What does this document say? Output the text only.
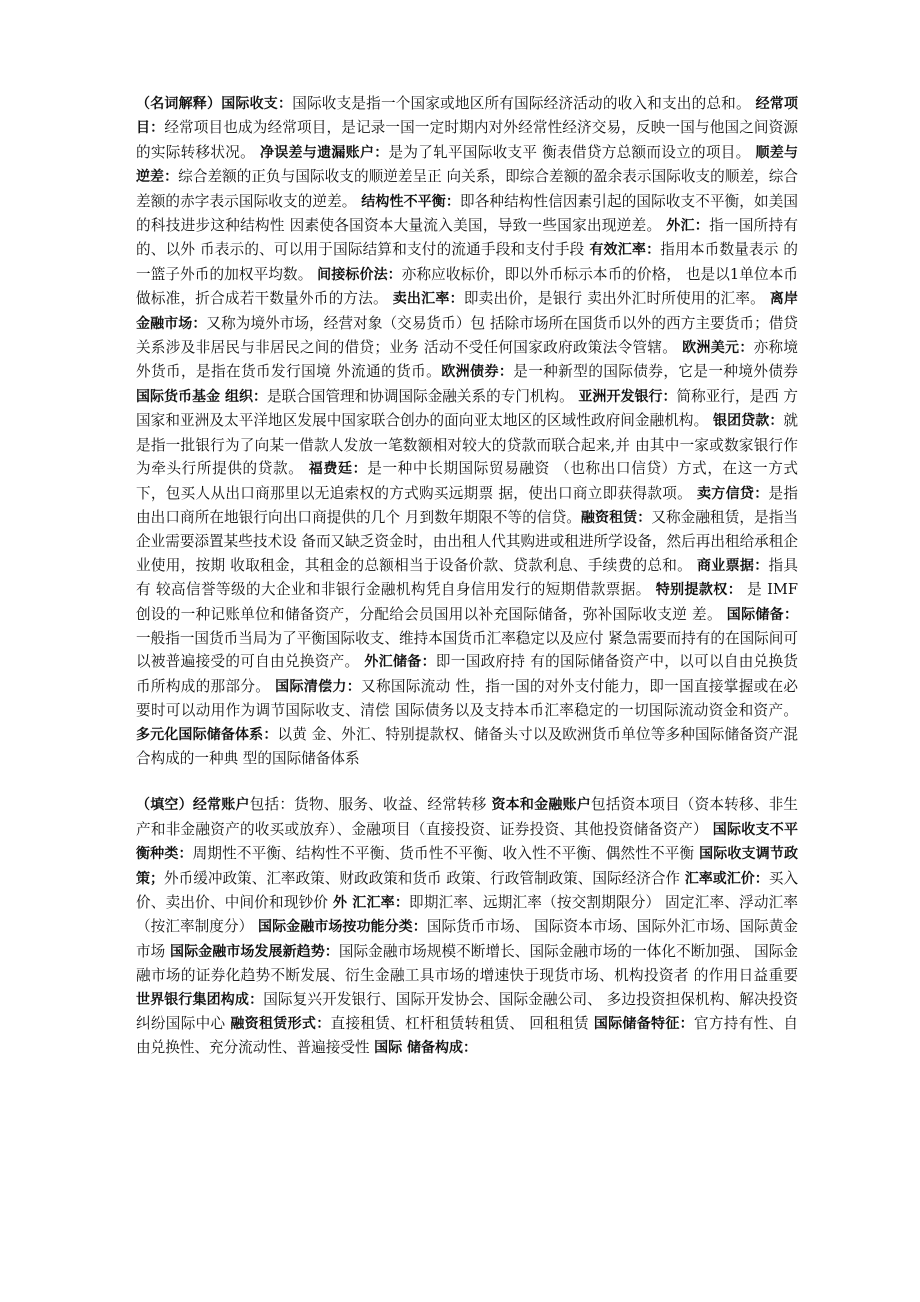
（名词解释）国际收支：国际收支是指一个国家或地区所有国际经济活动的收入和支出的总和。 经常项目：经常项目也成为经常项目，是记录一国一定时期内对外经常性经济交易，反映一国与他国之间资源的实际转移状况。 净误差与遗漏账户：是为了轧平国际收支平 衡表借贷方总额而设立的项目。 顺差与逆差：综合差额的正负与国际收支的顺逆差呈正 向关系，即综合差额的盈余表示国际收支的顺差，综合差额的赤字表示国际收支的逆差。 结构性不平衡：即各种结构性信因素引起的国际收支不平衡，如美国的科技进步这种结构性 因素使各国资本大量流入美国，导致一些国家出现逆差。 外汇：指一国所持有的、以外 币表示的、可以用于国际结算和支付的流通手段和支付手段 有效汇率：指用本币数量表示 的一篮子外币的加权平均数。 间接标价法：亦称应收标价，即以外币标示本币的价格， 也是以1单位本币做标准，折合成若干数量外币的方法。 卖出汇率：即卖出价，是银行 卖出外汇时所使用的汇率。 离岸金融市场：又称为境外市场，经营对象（交易货币）包 括除市场所在国货币以外的西方主要货币；借贷关系涉及非居民与非居民之间的借贷；业务 活动不受任何国家政府政策法令管辖。 欧洲美元：亦称境外货币，是指在货币发行国境 外流通的货币。欧洲债券：是一种新型的国际债券，它是一种境外债券 国际货币基金 组织：是联合国管理和协调国际金融关系的专门机构。 亚洲开发银行：简称亚行，是西 方国家和亚洲及太平洋地区发展中国家联合创办的面向亚太地区的区域性政府间金融机构。 银团贷款：就是指一批银行为了向某一借款人发放一笔数额相对较大的贷款而联合起来,并 由其中一家或数家银行作为牵头行所提供的贷款。 福费廷：是一种中长期国际贸易融资 （也称出口信贷）方式，在这一方式下，包买人从出口商那里以无追索权的方式购买远期票 据，使出口商立即获得款项。 卖方信贷：是指由出口商所在地银行向出口商提供的几个 月到数年期限不等的信贷。融资租赁：又称金融租赁，是指当企业需要添置某些技术设 备而又缺乏资金时，由出租人代其购进或租进所学设备，然后再出租给承租企业使用，按期 收取租金，其租金的总额相当于设备价款、贷款利息、手续费的总和。 商业票据：指具有 较高信誉等级的大企业和非银行金融机构凭自身信用发行的短期借款票据。 特别提款权： 是 IMF 创设的一种记账单位和储备资产，分配给会员国用以补充国际储备，弥补国际收支逆 差。 国际储备：一般指一国货币当局为了平衡国际收支、维持本国货币汇率稳定以及应付 紧急需要而持有的在国际间可以被普遍接受的可自由兑换资产。 外汇储备：即一国政府持 有的国际储备资产中，以可以自由兑换货币所构成的那部分。 国际清偿力：又称国际流动 性，指一国的对外支付能力，即一国直接掌握或在必要时可以动用作为调节国际收支、清偿 国际债务以及支持本币汇率稳定的一切国际流动资金和资产。 多元化国际储备体系：以黄 金、外汇、特别提款权、储备头寸以及欧洲货币单位等多种国际储备资产混合构成的一种典 型的国际储备体系

（填空）经常账户包括：货物、服务、收益、经常转移 资本和金融账户包括资本项目（资本转移、非生产和非金融资产的收买或放弃）、金融项目（直接投资、证券投资、其他投资储备资产） 国际收支不平衡种类：周期性不平衡、结构性不平衡、货币性不平衡、收入性不平衡、偶然性不平衡 国际收支调节政策；外币缓冲政策、汇率政策、财政政策和货币 政策、行政管制政策、国际经济合作 汇率或汇价：买入价、卖出价、中间价和现钞价 外 汇汇率：即期汇率、远期汇率（按交割期限分） 固定汇率、浮动汇率（按汇率制度分） 国际金融市场按功能分类：国际货币市场、 国际资本市场、国际外汇市场、国际黄金市场 国际金融市场发展新趋势：国际金融市场规模不断增长、国际金融市场的一体化不断加强、 国际金融市场的证券化趋势不断发展、衍生金融工具市场的增速快于现货市场、机构投资者 的作用日益重要 世界银行集团构成：国际复兴开发银行、国际开发协会、国际金融公司、 多边投资担保机构、解决投资纠纷国际中心 融资租赁形式：直接租赁、杠杆租赁转租赁、 回租租赁 国际储备特征：官方持有性、自由兑换性、充分流动性、普遍接受性 国际 储备构成：
